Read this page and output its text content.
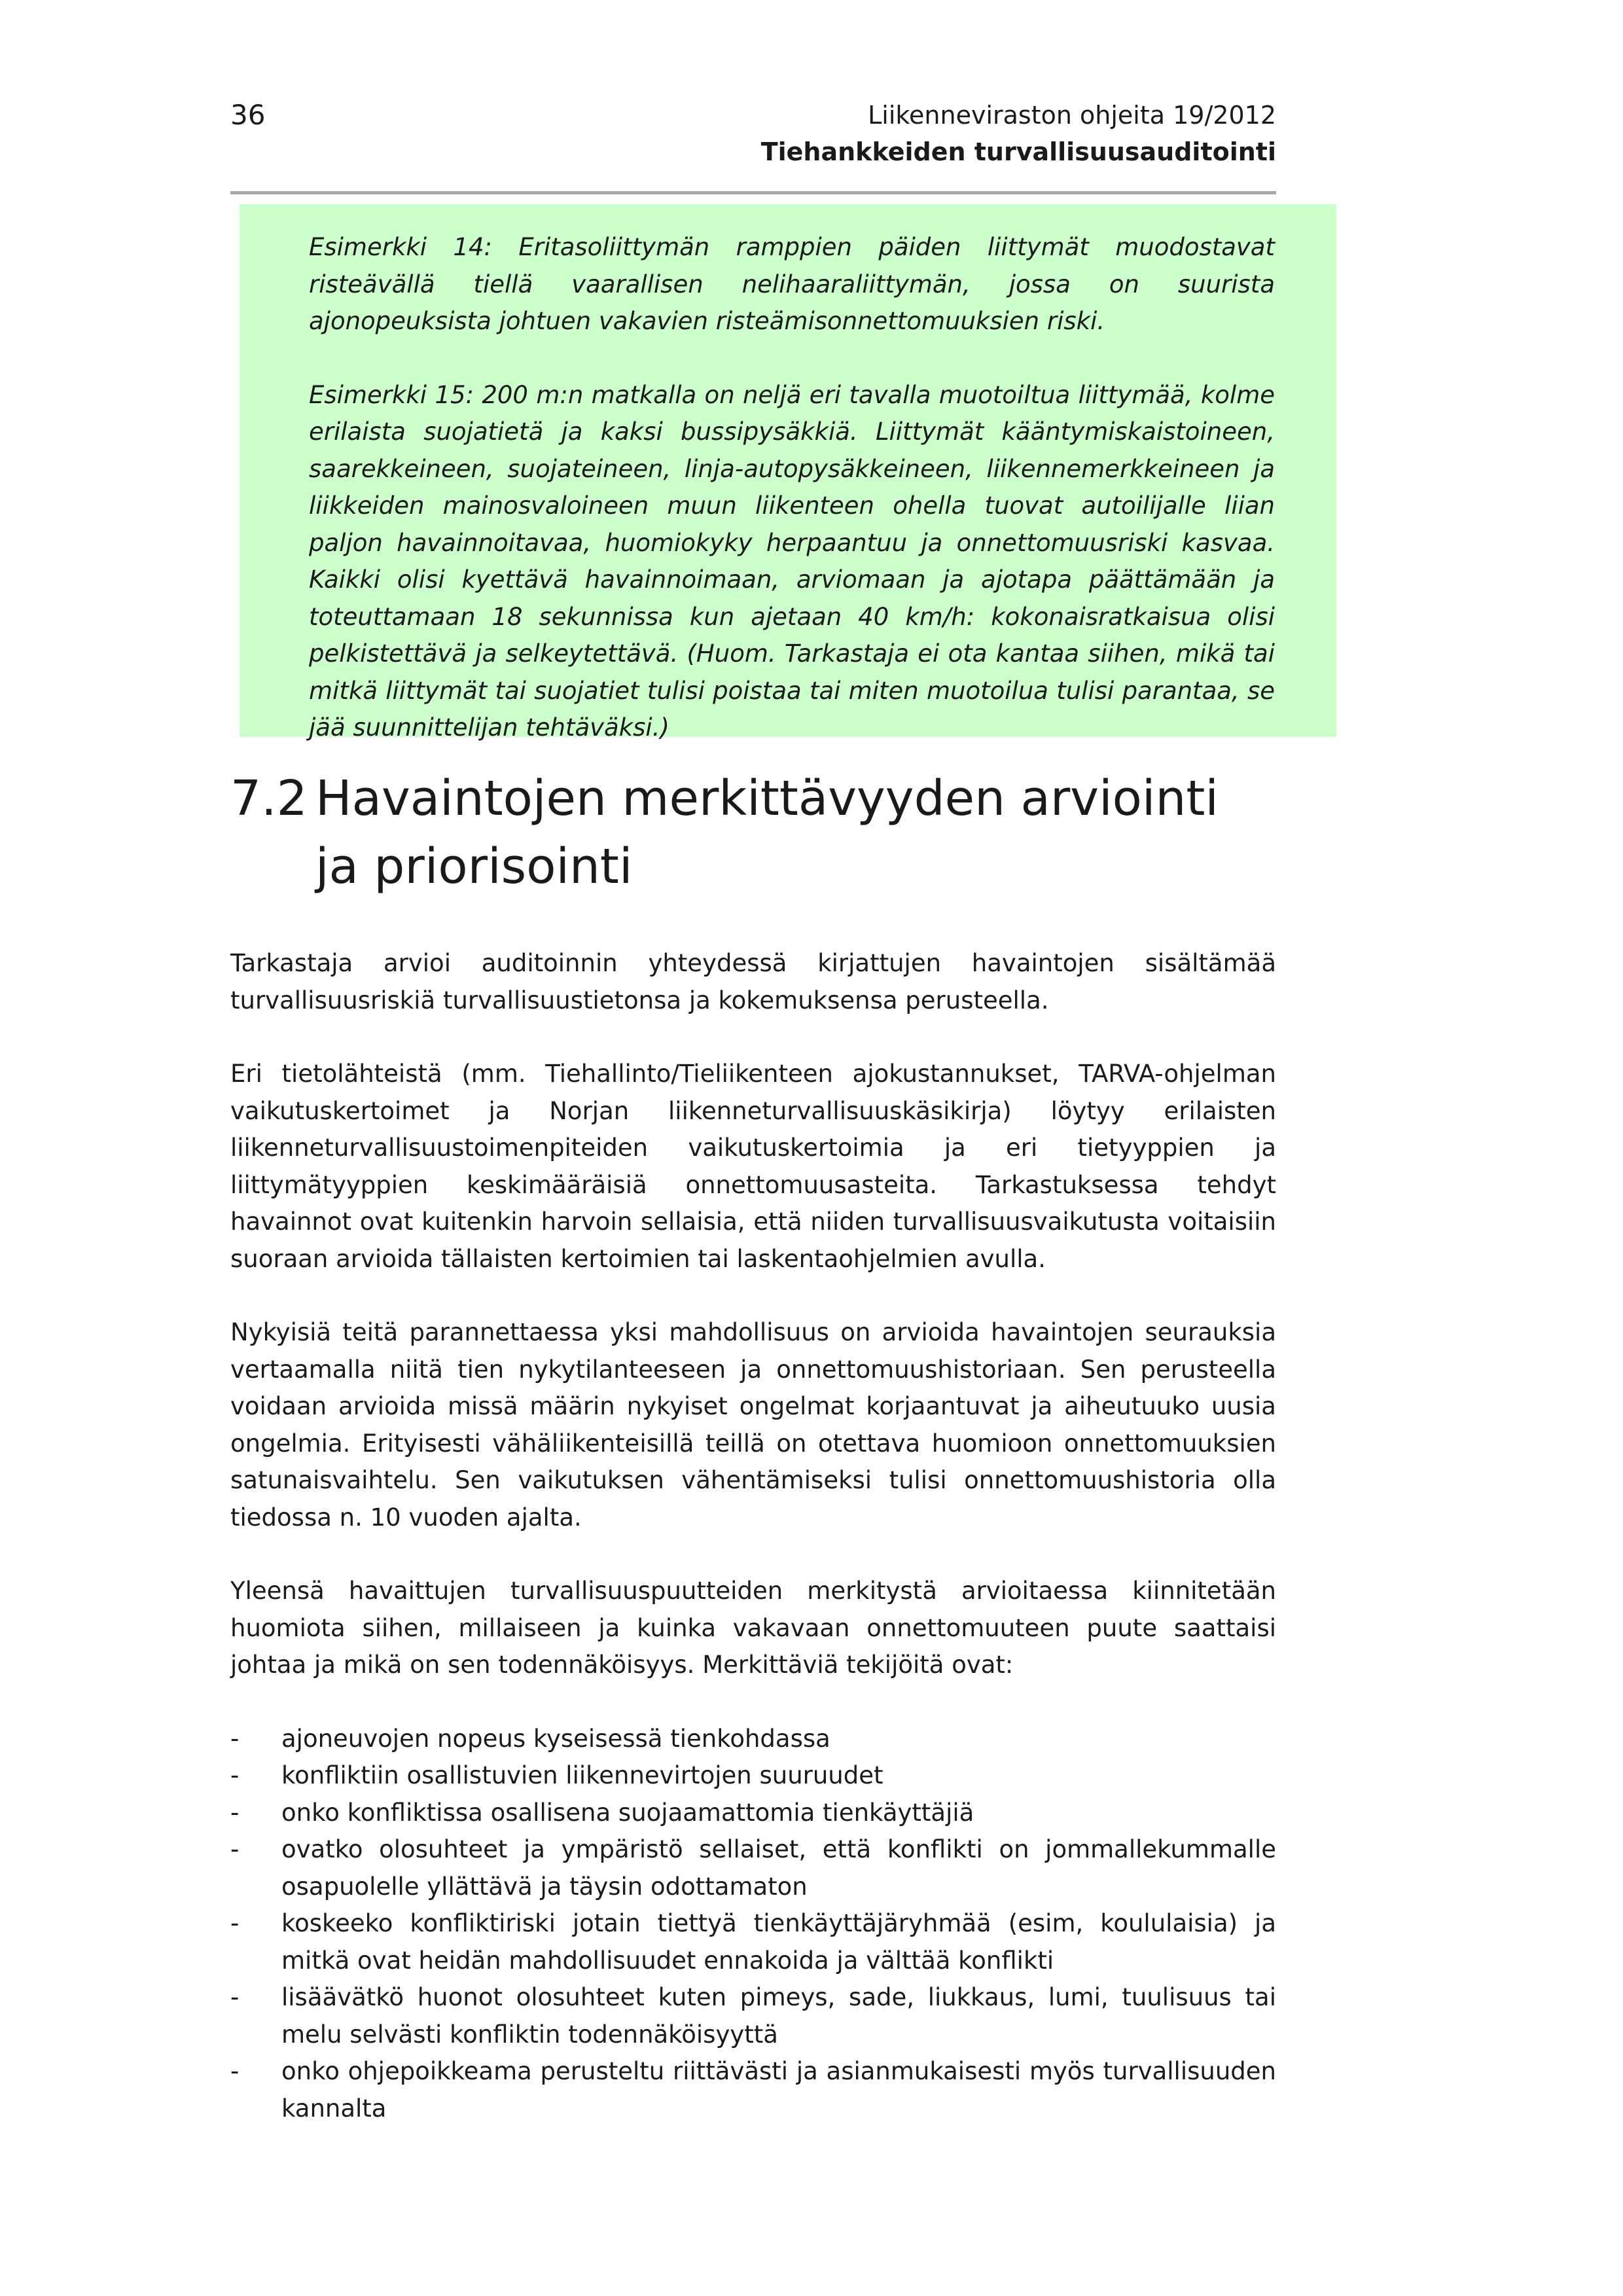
36	Liikenneviraston ohjeita 19/2012
Tiehankkeiden turvallisuusauditointi

Esimerkki 14: Eritasoliittymän ramppien päiden liittymät muodostavat risteävällä tiellä vaarallisen nelihaaraliittymän, jossa on suurista ajonopeuksista johtuen vakavien risteämisonnettomuuksien riski.

Esimerkki 15: 200 m:n matkalla on neljä eri tavalla muotoiltua liittymää, kolme erilaista suojatietä ja kaksi bussipysäkkiä. Liittymät kääntymiskaistoineen, saarekkeineen, suojateineen, linja-autopysäkkeineen, liikennemerkkeineen ja liikkeiden mainosvaloineen muun liikenteen ohella tuovat autoilijalle liian paljon havainnoitavaa, huomiokyky herpaantuu ja onnettomuusriski kasvaa. Kaikki olisi kyettävä havainnoimaan, arviomaan ja ajotapa päättämään ja toteuttamaan 18 sekunnissa kun ajetaan 40 km/h: kokonaisratkaisua olisi pelkistettävä ja selkeytettävä. (Huom. Tarkastaja ei ota kantaa siihen, mikä tai mitkä liittymät tai suojatiet tulisi poistaa tai miten muotoilua tulisi parantaa, se jää suunnittelijan tehtäväksi.)

7.2 Havaintojen merkittävyyden arviointi ja priorisointi

Tarkastaja arvioi auditoinnin yhteydessä kirjattujen havaintojen sisältämää turvallisuusriskiä turvallisuustietonsa ja kokemuksensa perusteella.

Eri tietolähteistä (mm. Tiehallinto/Tieliikenteen ajokustannukset, TARVA-ohjelman vaikutuskertoimet ja Norjan liikenneturvallisuuskäsikirja) löytyy erilaisten liikenneturvallisuustoimenpiteiden vaikutuskertoimia ja eri tietyyppien ja liittymätyyppien keskimääräisiä onnettomuusasteita. Tarkastuksessa tehdyt havainnot ovat kuitenkin harvoin sellaisia, että niiden turvallisuusvaikutusta voitaisiin suoraan arvioida tällaisten kertoimien tai laskentaohjelmien avulla.

Nykyisiä teitä parannettaessa yksi mahdollisuus on arvioida havaintojen seurauksia vertaamalla niitä tien nykytilanteeseen ja onnettomuushistoriaan. Sen perusteella voidaan arvioida missä määrin nykyiset ongelmat korjaantuvat ja aiheutuuko uusia ongelmia. Erityisesti vähäliikenteisillä teillä on otettava huomioon onnettomuuksien satunaisvaihtelu. Sen vaikutuksen vähentämiseksi tulisi onnettomuushistoria olla tiedossa n. 10 vuoden ajalta.

Yleensä havaittujen turvallisuuspuutteiden merkitystä arvioitaessa kiinnitetään huomiota siihen, millaiseen ja kuinka vakavaan onnettomuuteen puute saattaisi johtaa ja mikä on sen todennäköisyys. Merkittäviä tekijöitä ovat:

- ajoneuvojen nopeus kyseisessä tienkohdassa
- konfliktiin osallistuvien liikennevirtojen suuruudet
- onko konfliktissa osallisena suojaamattomia tienkäyttäjiä
- ovatko olosuhteet ja ympäristö sellaiset, että konflikti on jommallekummalle osapuolelle yllättävä ja täysin odottamaton
- koskeeko konfliktiriski jotain tiettyä tienkäyttäjäryhmää (esim, koululaisia) ja mitkä ovat heidän mahdollisuudet ennakoida ja välttää konflikti
- lisäävätkö huonot olosuhteet kuten pimeys, sade, liukkaus, lumi, tuulisuus tai melu selvästi konfliktin todennäköisyyttä
- onko ohjepoikkeama perusteltu riittävästi ja asianmukaisesti myös turvallisuuden kannalta
